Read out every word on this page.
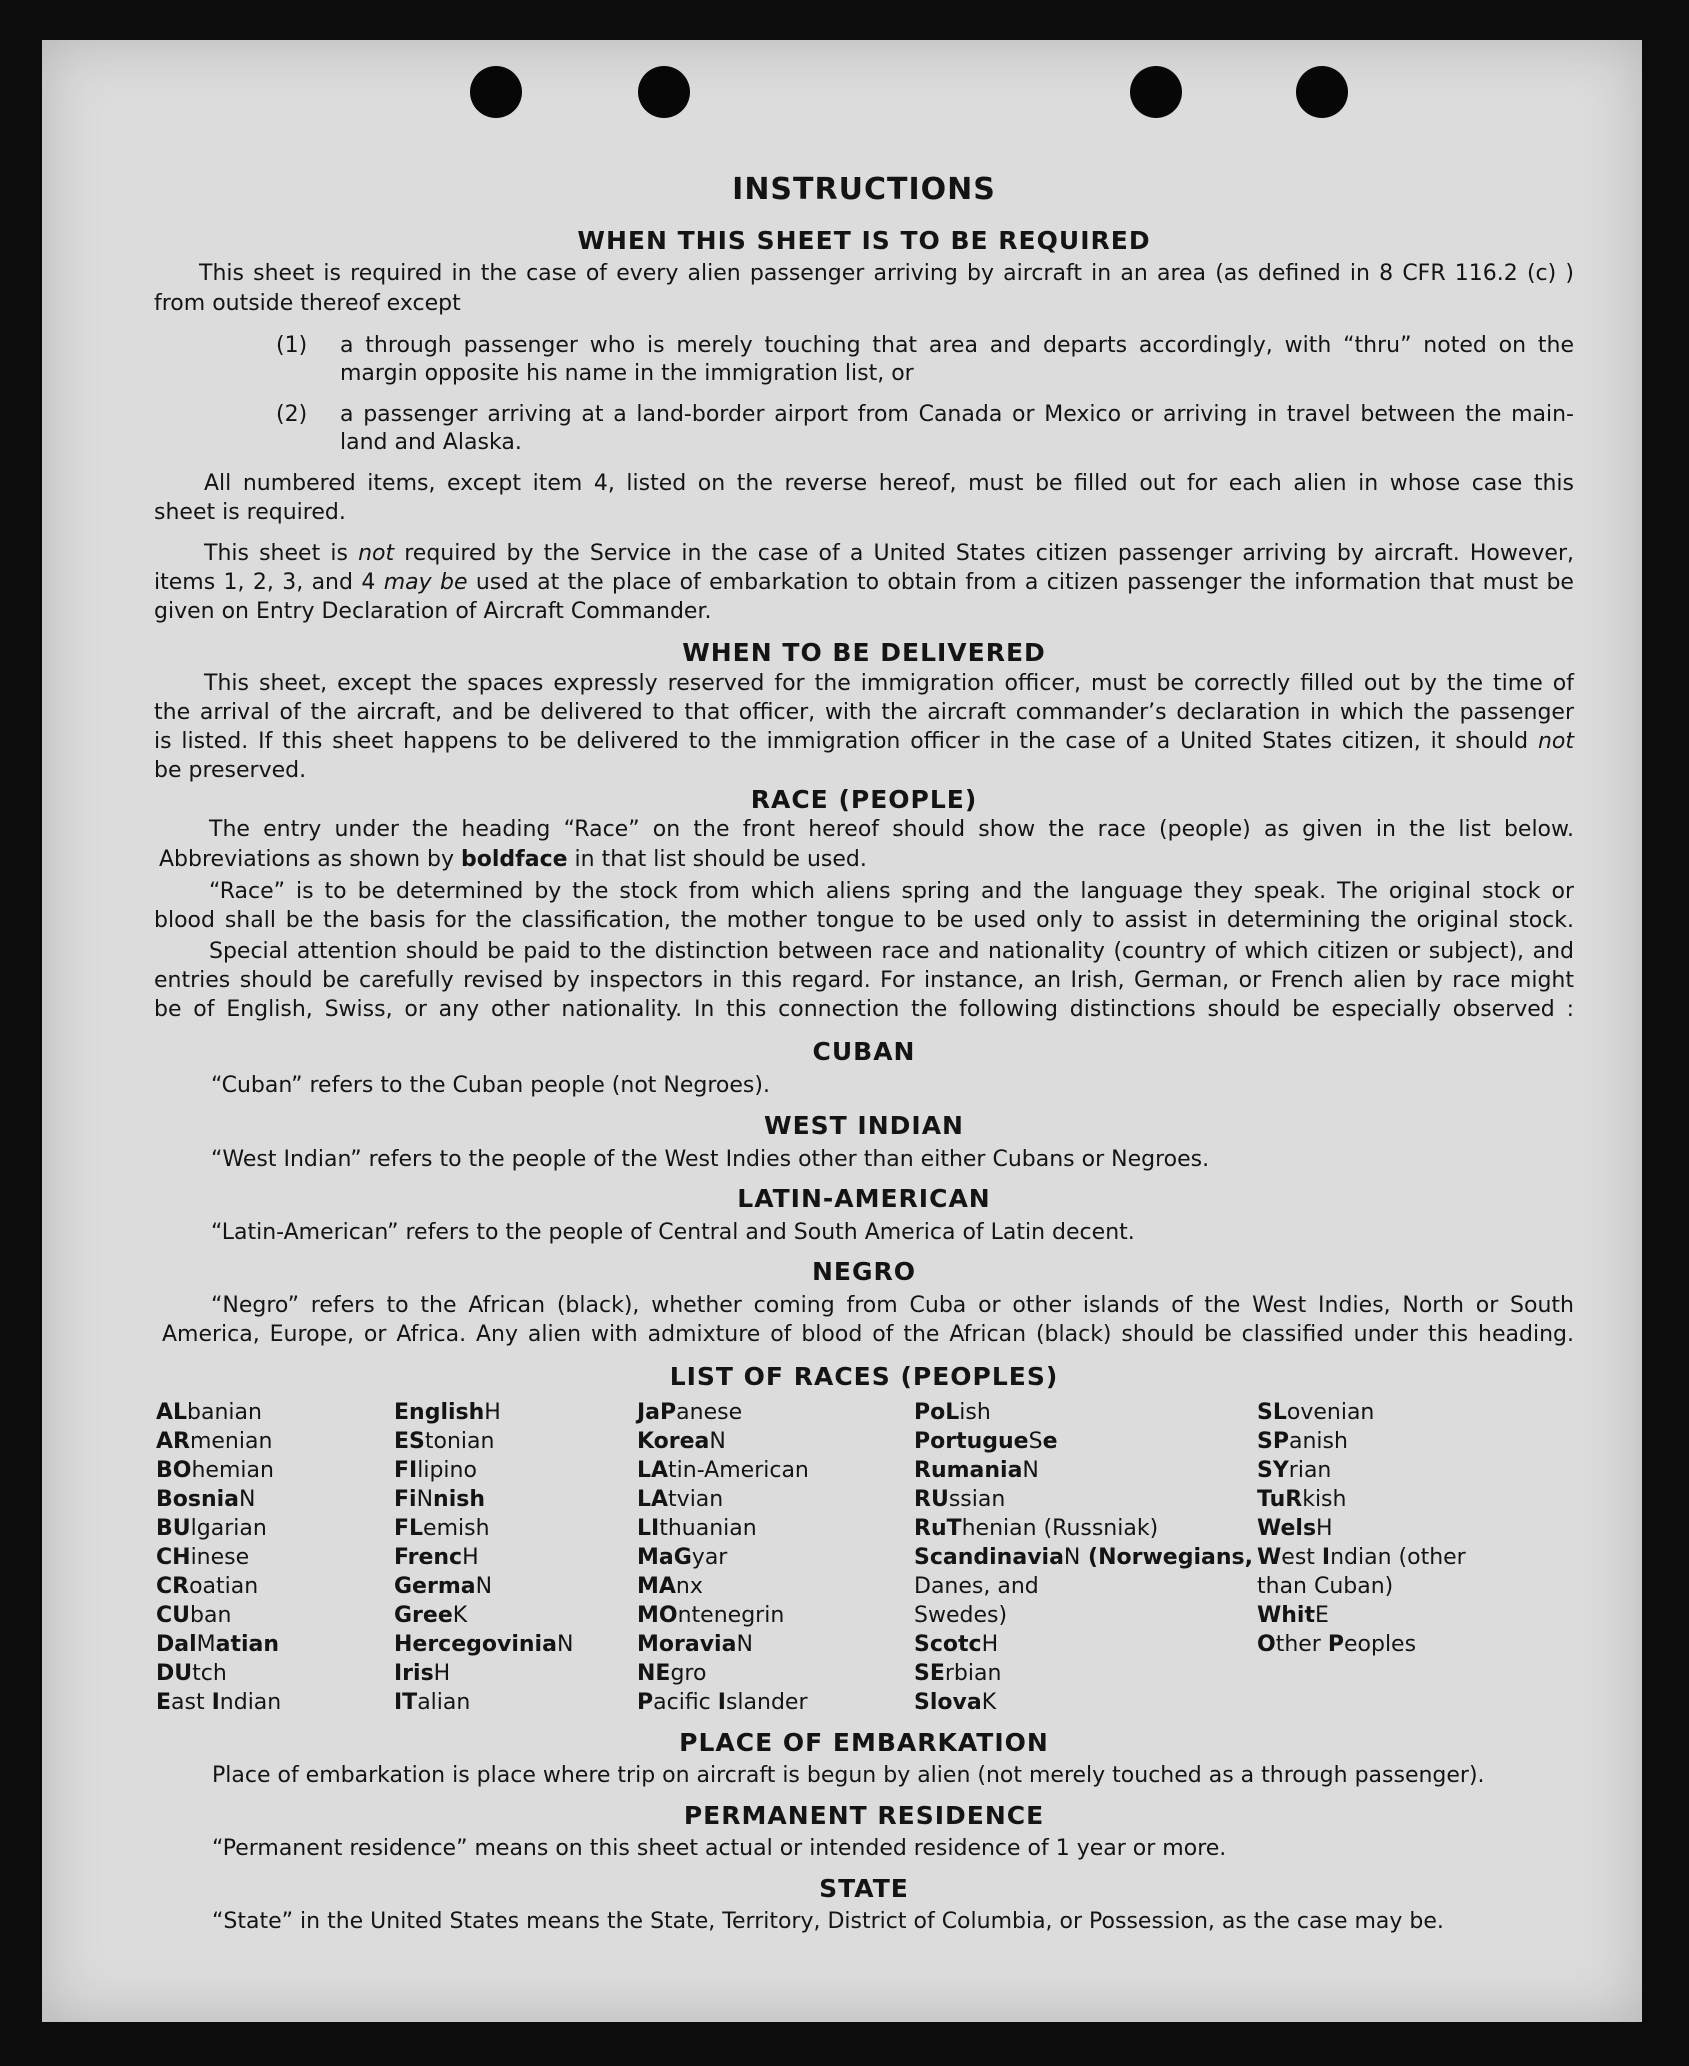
INSTRUCTIONS
WHEN THIS SHEET IS TO BE REQUIRED
This sheet is required in the case of every alien passenger arriving by aircraft in an area (as defined in 8 CFR 116.2 (c) )
from outside thereof except
(1) a through passenger who is merely touching that area and departs accordingly, with “thru” noted on the
margin opposite his name in the immigration list, or
(2) a passenger arriving at a land-border airport from Canada or Mexico or arriving in travel between the main-
land and Alaska.
All numbered items, except item 4, listed on the reverse hereof, must be filled out for each alien in whose case this
sheet is required.
This sheet is not required by the Service in the case of a United States citizen passenger arriving by aircraft. However,
items 1, 2, 3, and 4 may be used at the place of embarkation to obtain from a citizen passenger the information that must be
given on Entry Declaration of Aircraft Commander.
WHEN TO BE DELIVERED
This sheet, except the spaces expressly reserved for the immigration officer, must be correctly filled out by the time of
the arrival of the aircraft, and be delivered to that officer, with the aircraft commander’s declaration in which the passenger
is listed. If this sheet happens to be delivered to the immigration officer in the case of a United States citizen, it should not
be preserved.
RACE (PEOPLE)
The entry under the heading “Race” on the front hereof should show the race (people) as given in the list below.
Abbreviations as shown by boldface in that list should be used.
“Race” is to be determined by the stock from which aliens spring and the language they speak. The original stock or
blood shall be the basis for the classification, the mother tongue to be used only to assist in determining the original stock.
Special attention should be paid to the distinction between race and nationality (country of which citizen or subject), and
entries should be carefully revised by inspectors in this regard. For instance, an Irish, German, or French alien by race might
be of English, Swiss, or any other nationality. In this connection the following distinctions should be especially observed :
CUBAN
“Cuban” refers to the Cuban people (not Negroes).
WEST INDIAN
“West Indian” refers to the people of the West Indies other than either Cubans or Negroes.
LATIN-AMERICAN
“Latin-American” refers to the people of Central and South America of Latin decent.
NEGRO
“Negro” refers to the African (black), whether coming from Cuba or other islands of the West Indies, North or South
America, Europe, or Africa. Any alien with admixture of blood of the African (black) should be classified under this heading.
LIST OF RACES (PEOPLES)
ALbanian
ARmenian
BOhemian
BosniaN
BUlgarian
CHinese
CRoatian
CUban
DalMatian
DUtch
East Indian
EnglishH
EStonian
FIlipino
FiNnish
FLemish
FrencH
GermaN
GreeK
HercegoviniaN
IrisH
ITalian
JaPanese
KoreaN
LAtin-American
LAtvian
LIthuanian
MaGyar
MAnx
MOntenegrin
MoraviaN
NEgro
Pacific Islander
PoLish
PortugueSe
RumaniaN
RUssian
RuThenian (Russniak)
ScandinaviaN (Norwegians,
Danes, and
Swedes)
ScotcH
SErbian
SlovaK
SLovenian
SPanish
SYrian
TuRkish
WelsH
West Indian (other
than Cuban)
WhitE
Other Peoples
PLACE OF EMBARKATION
Place of embarkation is place where trip on aircraft is begun by alien (not merely touched as a through passenger).
PERMANENT RESIDENCE
“Permanent residence” means on this sheet actual or intended residence of 1 year or more.
STATE
“State” in the United States means the State, Territory, District of Columbia, or Possession, as the case may be.
